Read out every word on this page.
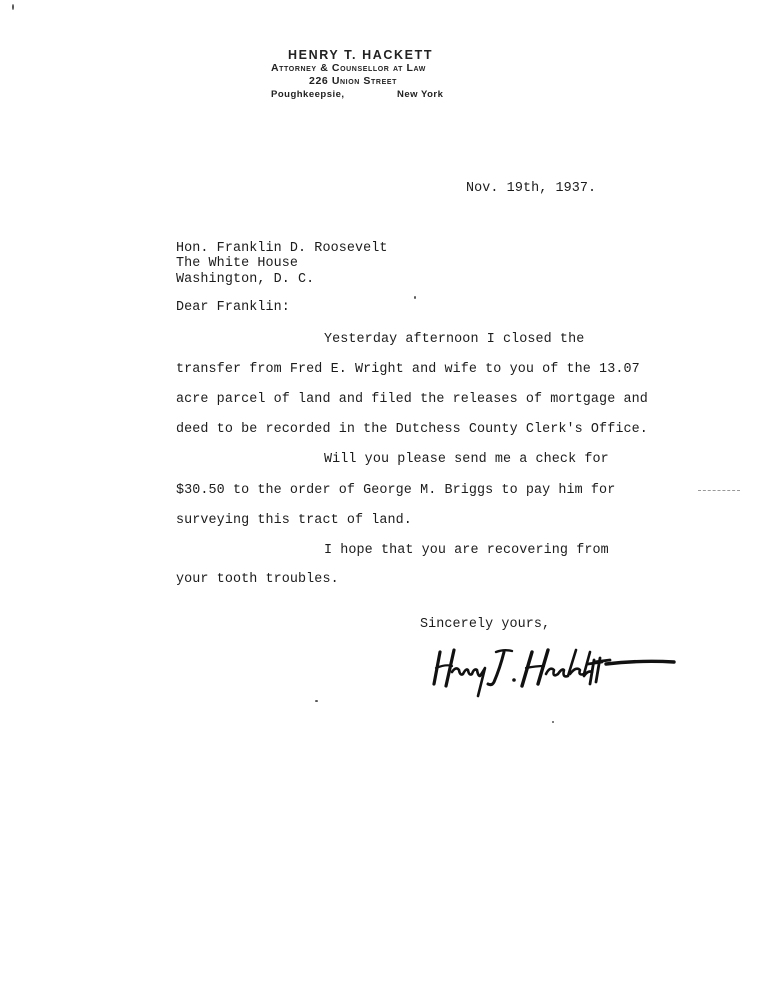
HENRY T. HACKETT
Attorney & Counsellor at Law
226 Union Street
Poughkeepsie,	New York
Nov. 19th, 1937.
Hon. Franklin D. Roosevelt
The White House
Washington, D. C.
Dear Franklin:
Yesterday afternoon I closed the
transfer from Fred E. Wright and wife to you of the 13.07
acre parcel of land and filed the releases of mortgage and
deed to be recorded in the Dutchess County Clerk's Office.
Will you please send me a check for
$30.50 to the order of George M. Briggs to pay him for
surveying this tract of land.
I hope that you are recovering from
your tooth troubles.
Sincerely yours,
